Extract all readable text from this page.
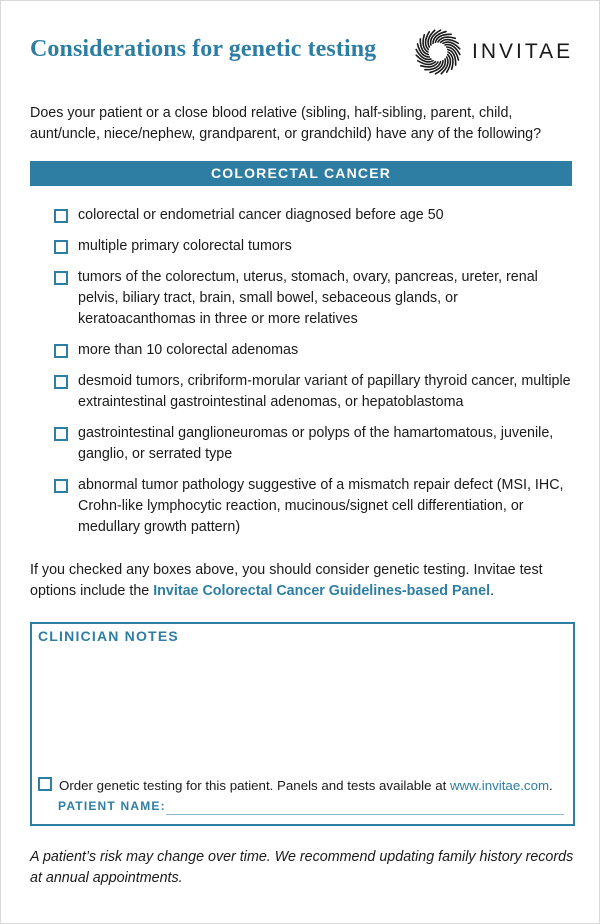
Considerations for genetic testing	INVITAE
Does your patient or a close blood relative (sibling, half-sibling, parent, child, aunt/uncle, niece/nephew, grandparent, or grandchild) have any of the following?
COLORECTAL CANCER
colorectal or endometrial cancer diagnosed before age 50
multiple primary colorectal tumors
tumors of the colorectum, uterus, stomach, ovary, pancreas, ureter, renal pelvis, biliary tract, brain, small bowel, sebaceous glands, or keratoacanthomas in three or more relatives
more than 10 colorectal adenomas
desmoid tumors, cribriform-morular variant of papillary thyroid cancer, multiple extraintestinal gastrointestinal adenomas, or hepatoblastoma
gastrointestinal ganglioneuromas or polyps of the hamartomatous, juvenile, ganglio, or serrated type
abnormal tumor pathology suggestive of a mismatch repair defect (MSI, IHC, Crohn-like lymphocytic reaction, mucinous/signet cell differentiation, or medullary growth pattern)
If you checked any boxes above, you should consider genetic testing. Invitae test options include the Invitae Colorectal Cancer Guidelines-based Panel.
CLINICIAN NOTES
Order genetic testing for this patient. Panels and tests available at www.invitae.com.
PATIENT NAME:
A patient’s risk may change over time. We recommend updating family history records at annual appointments.
